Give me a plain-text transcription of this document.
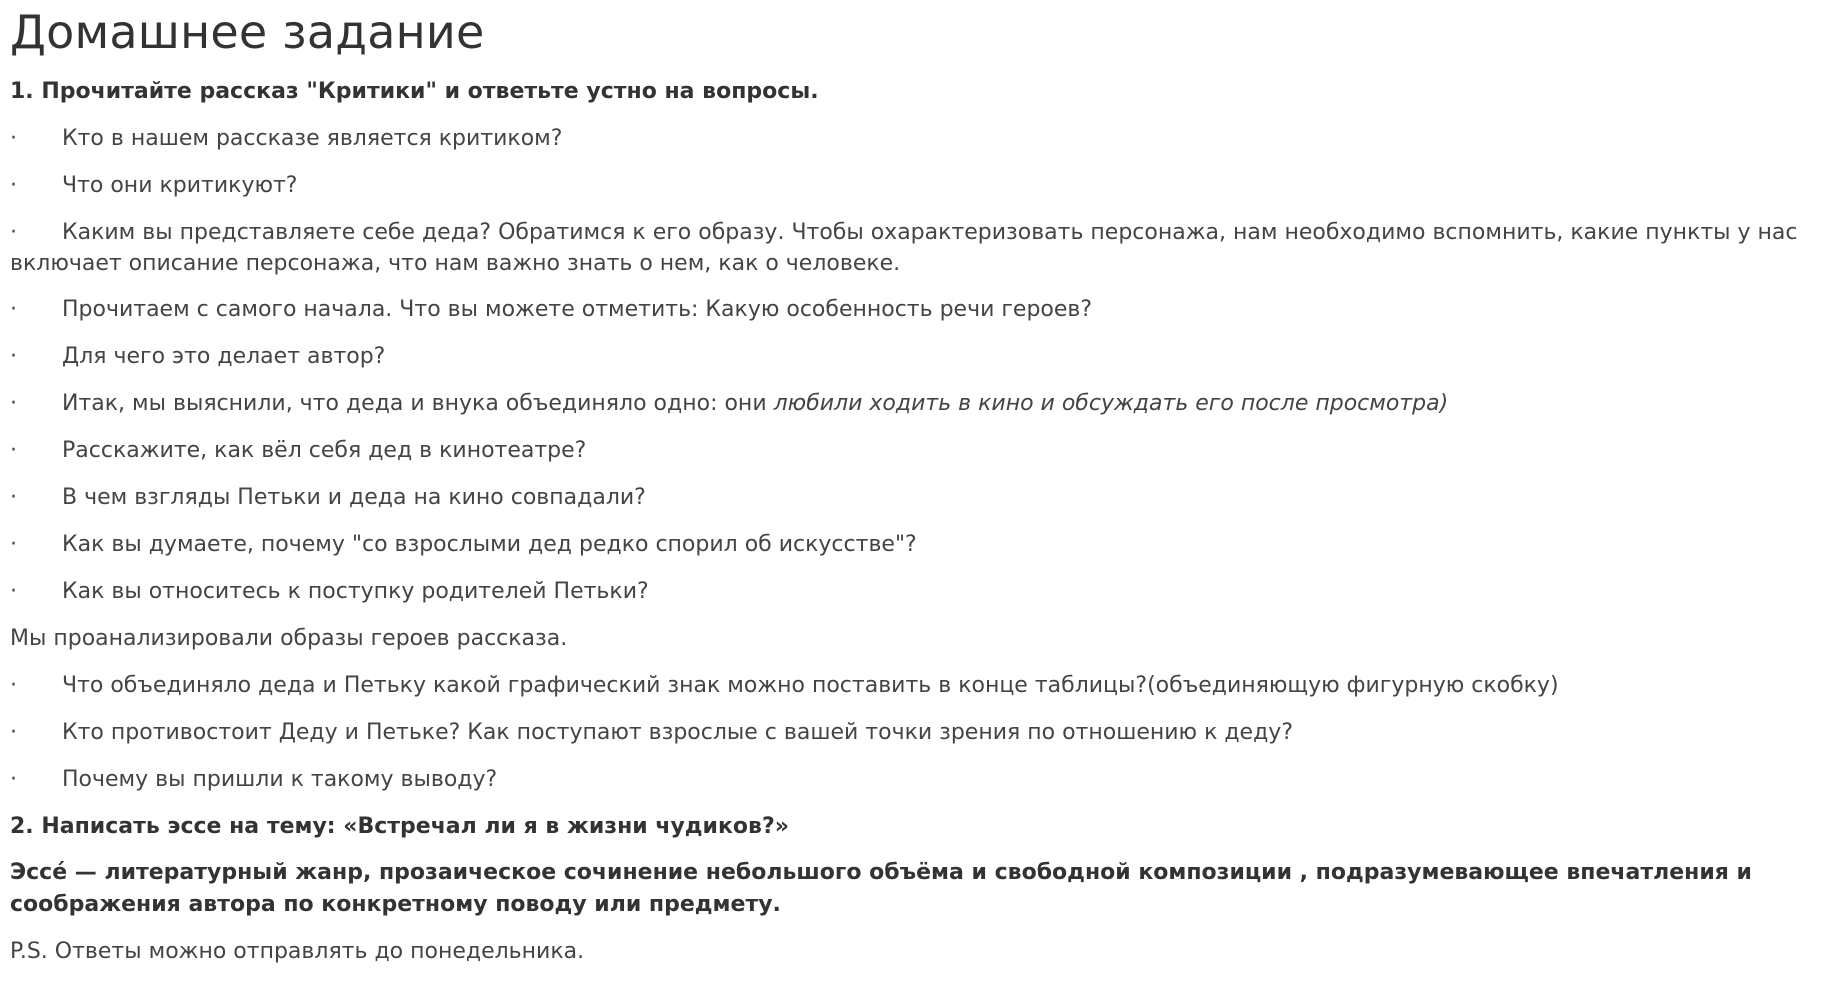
Домашнее задание

1. Прочитайте рассказ "Критики" и ответьте устно на вопросы.

· Кто в нашем рассказе является критиком?

· Что они критикуют?

· Каким вы представляете себе деда? Обратимся к его образу. Чтобы охарактеризовать персонажа, нам необходимо вспомнить, какие пункты у нас включает описание персонажа, что нам важно знать о нем, как о человеке.

· Прочитаем с самого начала. Что вы можете отметить: Какую особенность речи героев?

· Для чего это делает автор?

· Итак, мы выяснили, что деда и внука объединяло одно: они любили ходить в кино и обсуждать его после просмотра)

· Расскажите, как вёл себя дед в кинотеатре?

· В чем взгляды Петьки и деда на кино совпадали?

· Как вы думаете, почему "со взрослыми дед редко спорил об искусстве"?

· Как вы относитесь к поступку родителей Петьки?

Мы проанализировали образы героев рассказа.

· Что объединяло деда и Петьку какой графический знак можно поставить в конце таблицы?(объединяющую фигурную скобку)

· Кто противостоит Деду и Петьке? Как поступают взрослые с вашей точки зрения по отношению к деду?

· Почему вы пришли к такому выводу?

2. Написать эссе на тему: «Встречал ли я в жизни чудиков?»

Эссе́ — литературный жанр, прозаическое сочинение небольшого объёма и свободной композиции , подразумевающее впечатления и соображения автора по конкретному поводу или предмету.

P.S. Ответы можно отправлять до понедельника.
